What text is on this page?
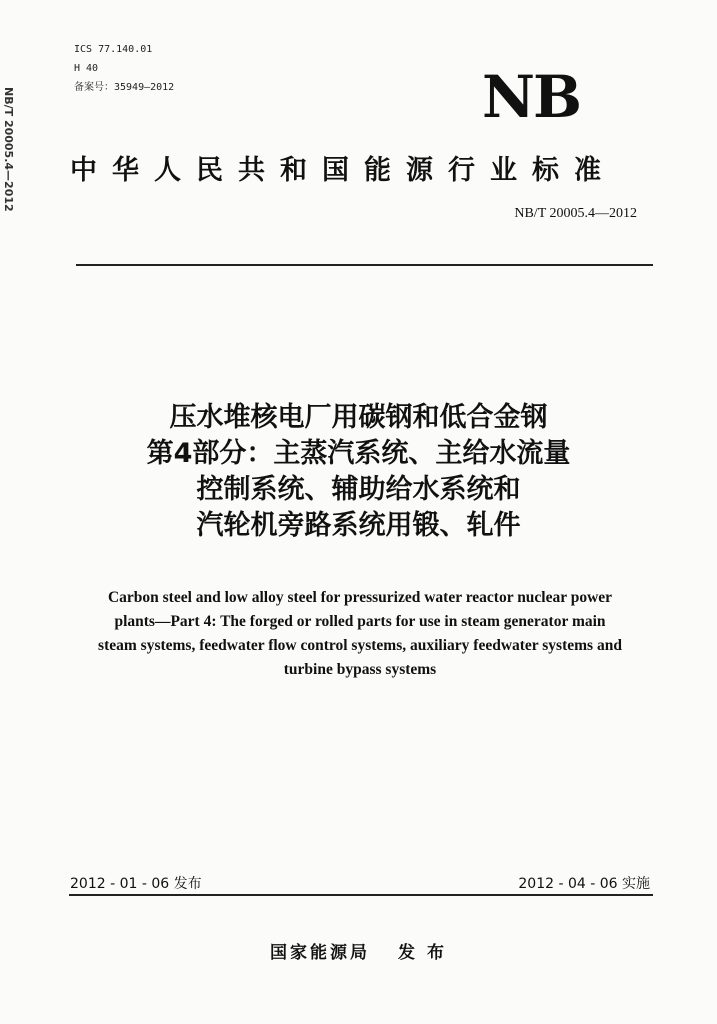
NB/T 20005.4—2012
ICS 77.140.01
H 40
备案号：35949—2012	NB
中华人民共和国能源行业标准
NB/T 20005.4—2012
压水堆核电厂用碳钢和低合金钢
第4部分：主蒸汽系统、主给水流量
控制系统、辅助给水系统和
汽轮机旁路系统用锻、轧件
Carbon steel and low alloy steel for pressurized water reactor nuclear power
plants—Part 4: The forged or rolled parts for use in steam generator main
steam systems, feedwater flow control systems, auxiliary feedwater systems and
turbine bypass systems
2012 - 01 - 06 发布	2012 - 04 - 06 实施
国家能源局 发 布
